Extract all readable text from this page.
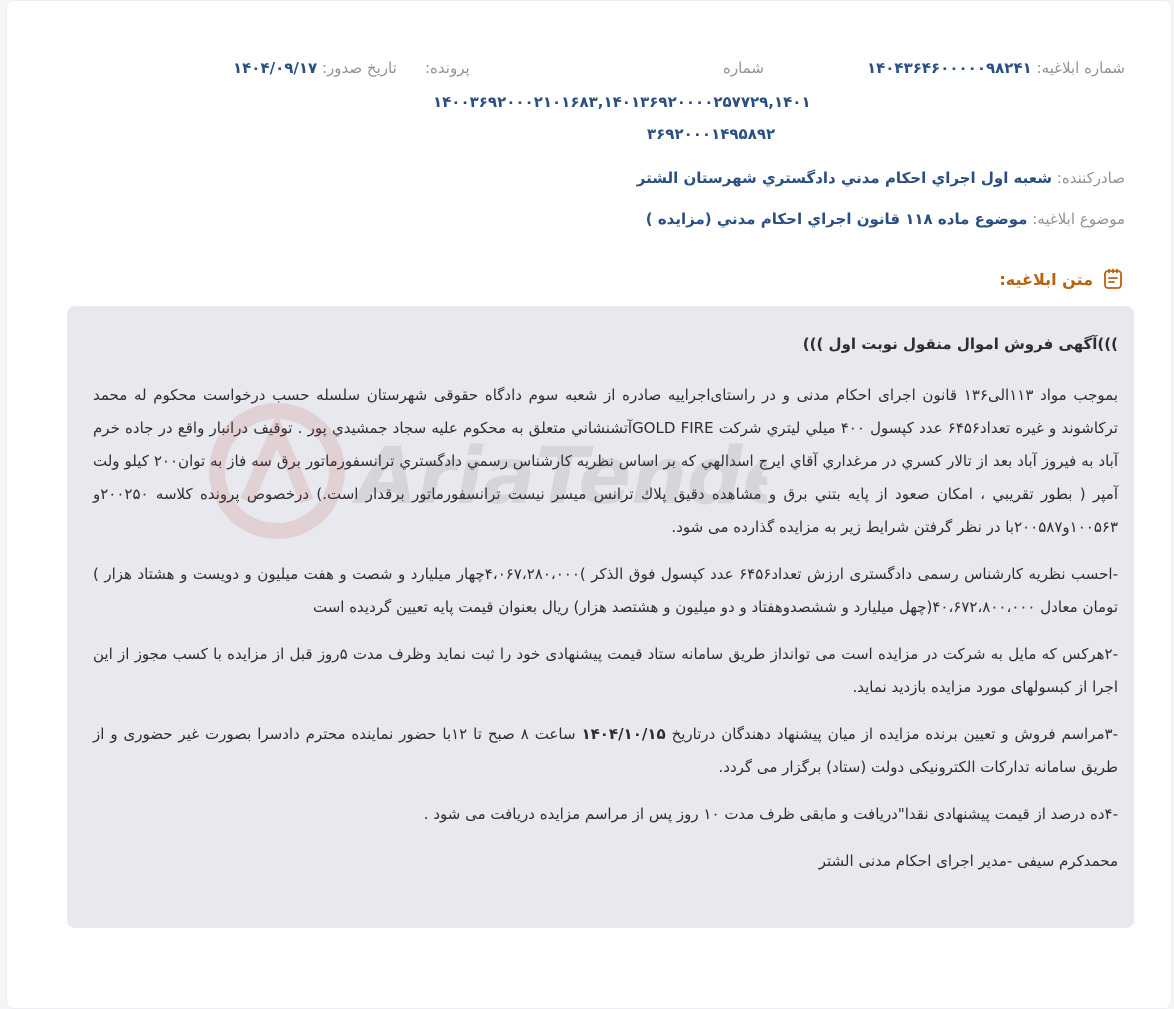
شماره ابلاغیه: ۱۴۰۴۳۶۴۶۰۰۰۰۰۹۸۲۴۱
شماره
پرونده:
تاریخ صدور: ۱۴۰۴/۰۹/۱۷
۱۴۰۰۳۶۹۲۰۰۰۲۱۰۱۶۸۳,۱۴۰۱۳۶۹۲۰۰۰۰۲۵۷۷۲۹,۱۴۰۱
۳۶۹۲۰۰۰۱۴۹۵۸۹۲
صادرکننده: شعبه اول اجراي احكام مدني دادگستري شهرستان الشتر
موضوع ابلاغیه: موضوع ماده ۱۱۸ قانون اجراي احكام مدني (مزايده )
متن ابلاغیه:

)))آگهی فروش اموال منقول نوبت اول )))

بموجب مواد ۱۱۳الی۱۳۶ قانون اجرای احکام مدنی و در راستای‌اجراییه صادره از شعبه سوم دادگاه حقوقی شهرستان سلسله حسب درخواست محکوم له محمد تركاشوند و غيره تعداد۶۴۵۶ عدد كپسول ۴۰۰ ميلي ليتري شركت GOLD FIREآتشنشاني متعلق به محكوم عليه سجاد جمشيدي پور . توقيف درانبار واقع در جاده خرم آباد به فيروز آباد بعد از تالار كسري در مرغداري آقاي ايرج اسدالهي كه بر اساس نظريه كارشناس رسمي دادگستري ترانسفورماتور برق سه فاز به توان۲۰۰ كيلو ولت آمپر ( بطور تقريبي ، امكان صعود از پايه بتني برق و مشاهده دقيق پلاك ترانس ميسر نيست ترانسفورماتور برقدار است.) درخصوص پرونده کلاسه ۲۰۰۲۵۰و ۱۰۰۵۶۳و۲۰۰۵۸۷با در نظر گرفتن شرایط زیر به مزایده گذارده می شود.

-احسب نظریه کارشناس رسمی دادگستری ارزش تعداد۶۴۵۶ عدد كپسول فوق الذكر )۴،۰۶۷،۲۸۰،۰۰۰چهار میلیارد و شصت و هفت میلیون و دویست و هشتاد هزار ) تومان معادل ۴۰،۶۷۲،۸۰۰،۰۰۰(چهل میلیارد و ششصدوهفتاد و دو میلیون و هشتصد هزار) ریال بعنوان قیمت پایه تعیین گردیده است

-۲هرکس که مایل به شرکت در مزایده است می توانداز طریق سامانه ستاد قیمت پیشنهادی خود را ثبت نماید وظرف مدت ۵روز قبل از مزایده با کسب مجوز از این اجرا از کبسولهای مورد مزایده بازدید نماید.

-۳مراسم فروش و تعیین برنده مزایده از میان پیشنهاد دهندگان درتاریخ ۱۴۰۴/۱۰/۱۵ ساعت ۸ صبح تا ۱۲با حضور نماینده محترم دادسرا بصورت غیر حضوری و از طریق سامانه تدارکات الکترونیکی دولت (ستاد) برگزار می گردد.

-۴ده درصد از قیمت پیشنهادی نقدا"دریافت و مابقی ظرف مدت ۱۰ روز پس از مراسم مزایده دریافت می شود .

محمدکرم سیفی -مدیر اجرای احکام مدنی الشتر
